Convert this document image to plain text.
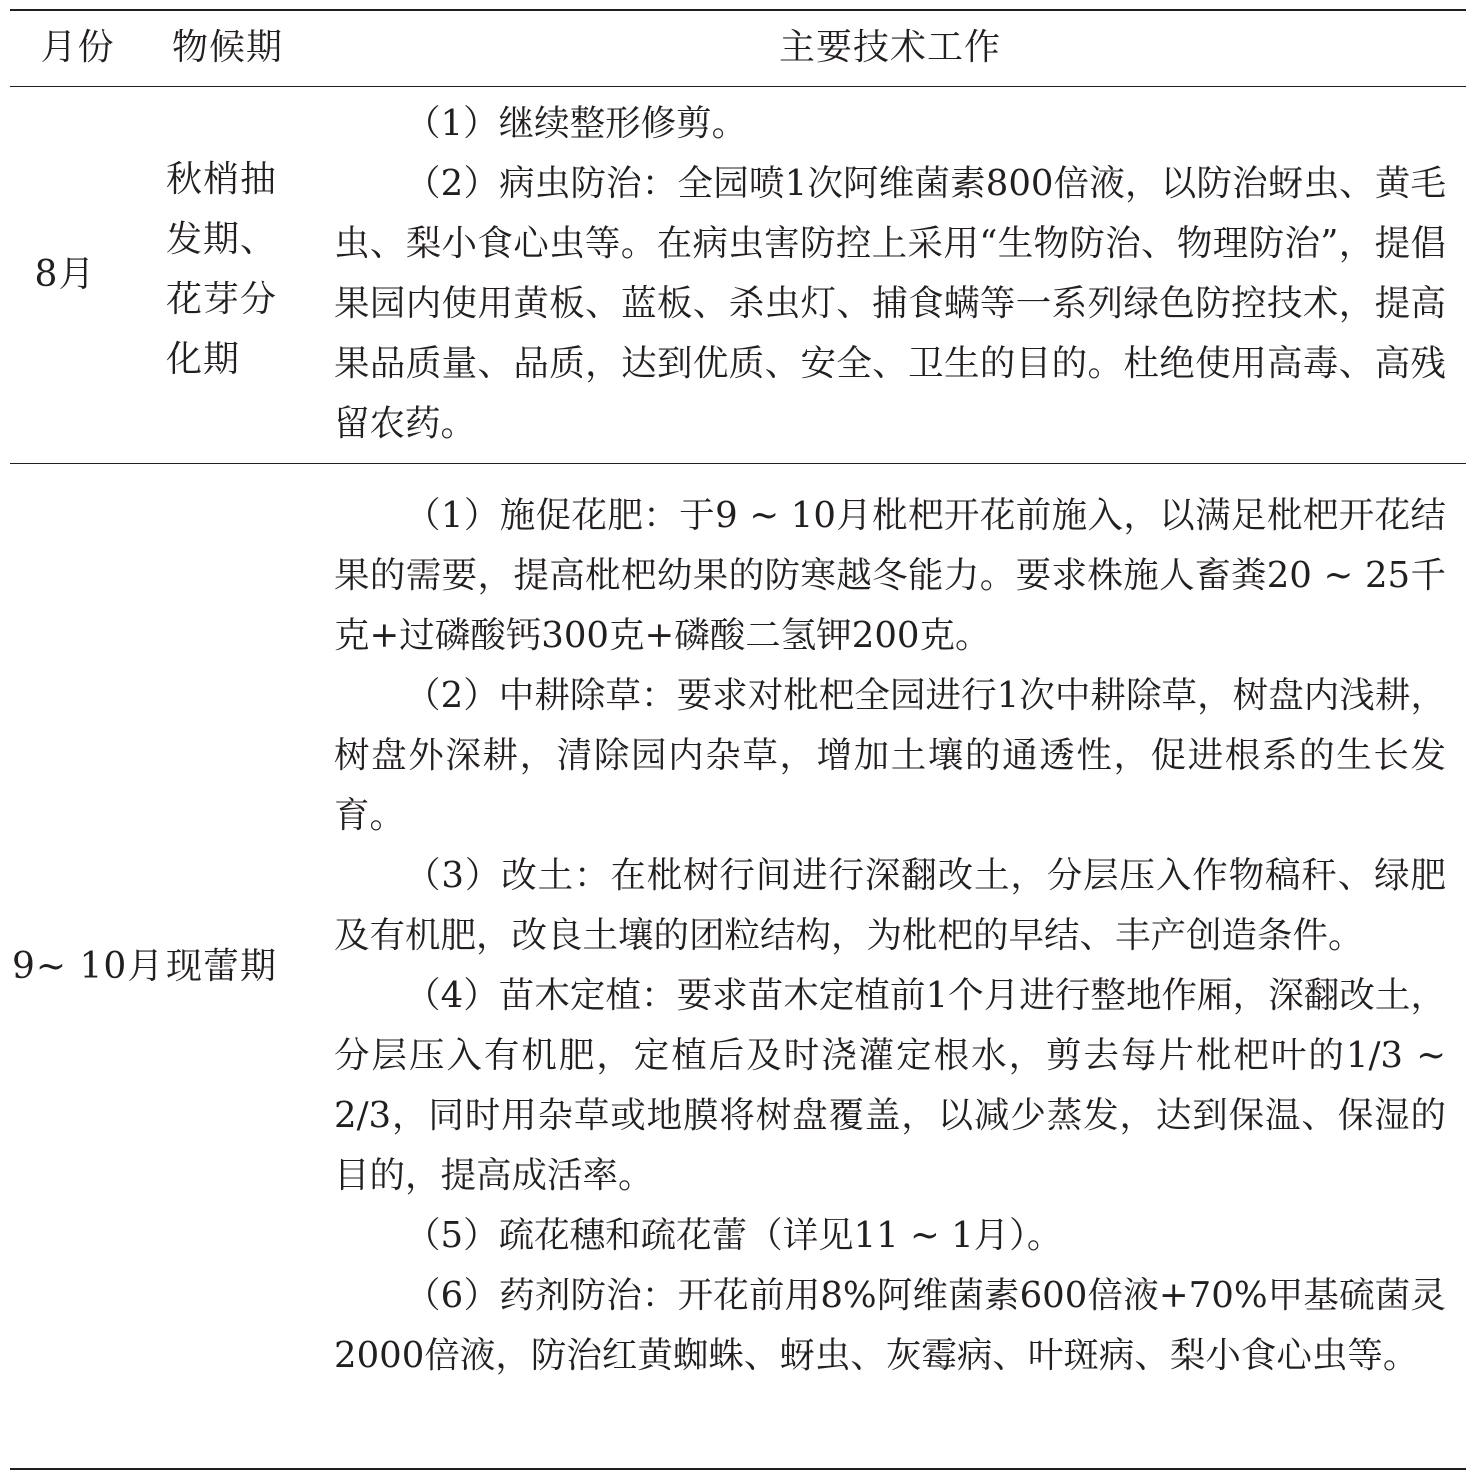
月份	物候期	主要技术工作
8月
秋梢抽
发期、
花芽分
化期

（1）继续整形修剪。

（2）病虫防治：全园喷1次阿维菌素800倍液，以防治蚜虫、黄毛虫、梨小食心虫等。在病虫害防控上采用“生物防治、物理防治”，提倡果园内使用黄板、蓝板、杀虫灯、捕食螨等一系列绿色防控技术，提高果品质量、品质，达到优质、安全、卫生的目的。杜绝使用高毒、高残留农药。

9~ 10月 现蕾期

（1）施促花肥：于9 ~ 10月枇杷开花前施入，以满足枇杷开花结果的需要，提高枇杷幼果的防寒越冬能力。要求株施人畜粪20 ~ 25千克+过磷酸钙300克+磷酸二氢钾200克。

（2）中耕除草：要求对枇杷全园进行1次中耕除草，树盘内浅耕，树盘外深耕，清除园内杂草，增加土壤的通透性，促进根系的生长发育。

（3）改土：在枇树行间进行深翻改土，分层压入作物稿秆、绿肥及有机肥，改良土壤的团粒结构，为枇杷的早结、丰产创造条件。

（4）苗木定植：要求苗木定植前1个月进行整地作厢，深翻改土，分层压入有机肥，定植后及时浇灌定根水，剪去每片枇杷叶的1/3 ~ 2/3，同时用杂草或地膜将树盘覆盖，以减少蒸发，达到保温、保湿的目的，提高成活率。

（5）疏花穗和疏花蕾（详见11 ~ 1月）。

（6）药剂防治：开花前用8%阿维菌素600倍液+70%甲基硫菌灵2000倍液，防治红黄蜘蛛、蚜虫、灰霉病、叶斑病、梨小食心虫等。
